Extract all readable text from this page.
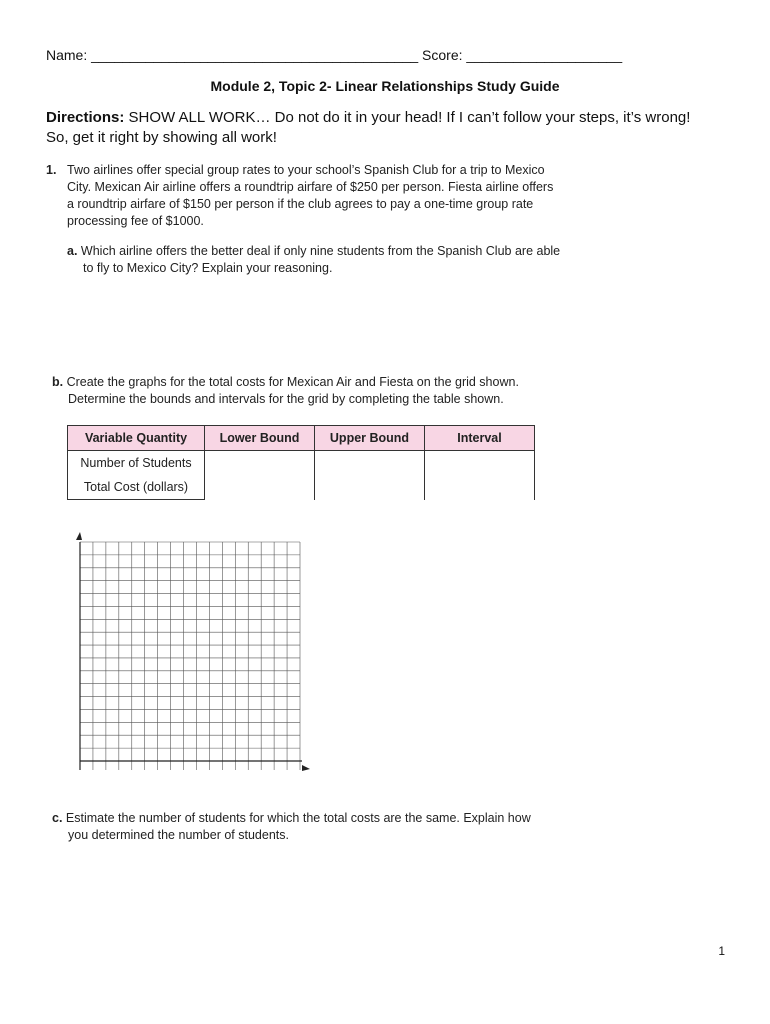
Name: __________________________________________ Score: ____________________
Module 2, Topic 2- Linear Relationships Study Guide
Directions: SHOW ALL WORK… Do not do it in your head! If I can’t follow your steps, it’s wrong! So, get it right by showing all work!
1. Two airlines offer special group rates to your school’s Spanish Club for a trip to Mexico
City. Mexican Air airline offers a roundtrip airfare of $250 per person. Fiesta airline offers
a roundtrip airfare of $150 per person if the club agrees to pay a one-time group rate
processing fee of $1000.
a. Which airline offers the better deal if only nine students from the Spanish Club are able
to fly to Mexico City? Explain your reasoning.
b. Create the graphs for the total costs for Mexican Air and Fiesta on the grid shown.
Determine the bounds and intervals for the grid by completing the table shown.
Variable Quantity	Lower Bound	Upper Bound	Interval
Number of Students			
Total Cost (dollars)			
c. Estimate the number of students for which the total costs are the same. Explain how
you determined the number of students.
1
